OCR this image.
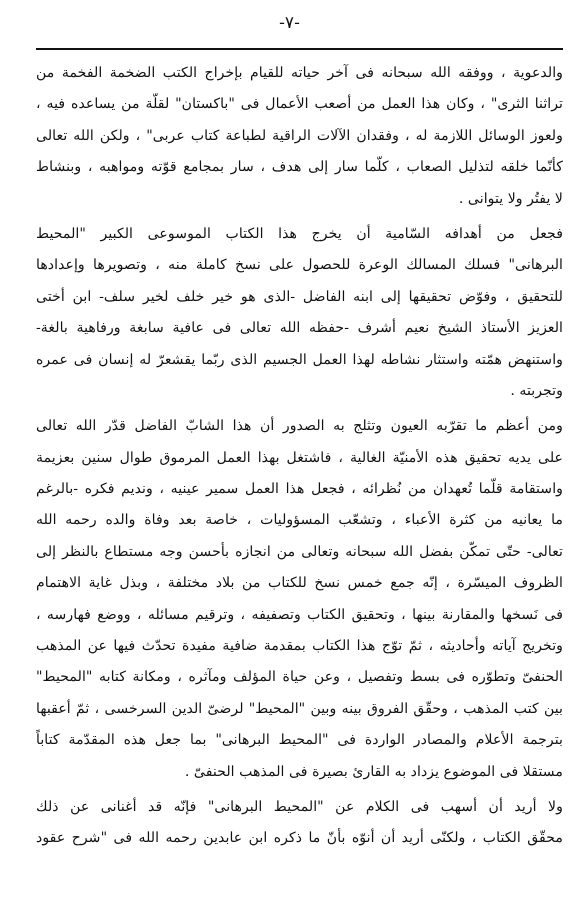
-٧-
والدعوية ، ووفقه الله سبحانه فى آخر حياته للقيام بإخراج الكتب الضخمة الفخمة من
تراثنا الثرى" ، وكان هذا العمل من أصعب الأعمال فى "باكستان" لقلّة من يساعده فيه ،
ولعوز الوسائل اللازمة له ، وفقدان الآلات الراقية لطباعة كتاب عربى" ، ولكن الله تعالى
كأنّما خلقه لتذليل الصعاب ، كلّما سار إلى هدف ، سار بمجامع قوّته ومواهبه ، وبنشاط
لا يفتُر ولا يتوانى .
فجعل من أهدافه السّامية أن يخرج هذا الكتاب الموسوعى الكبير "المحيط
البرهانى" فسلك المسالك الوعرة للحصول على نسخ كاملة منه ، وتصويرها وإعدادها
للتحقيق ، وفوّض تحقيقها إلى ابنه الفاضل -الذى هو خير خلف لخير سلف- ابن أختى
العزيز الأستاذ الشيخ نعيم أشرف -حفظه الله تعالى فى عافية سابغة ورفاهية بالغة-
واستنهض همّته واستثار نشاطه لهذا العمل الجسيم الذى ربّما يقشعرّ له إنسان فى عمره
وتجربته .
ومن أعظم ما تقرّبه العيون وتثلج به الصدور أن هذا الشابّ الفاضل قدّر الله تعالى
على يديه تحقيق هذه الأمنيّة الغالية ، فاشتغل بهذا العمل المرموق طوال سنين بعزيمة
واستقامة قلّما تُعهدان من نُظرائه ، فجعل هذا العمل سمير عينيه ، ونديم فكره -بالرغم
ما يعانيه من كثرة الأعباء ، وتشعّب المسؤوليات ، خاصة بعد وفاة والده رحمه الله
تعالى- حتّى تمكّن بفضل الله سبحانه وتعالى من انجازه بأحسن وجه مستطاع بالنظر إلى
الظروف الميسّرة ، إنّه جمع خمس نسخ للكتاب من بلاد مختلفة ، وبذل غاية الاهتمام
فى نَسخها والمقارنة بينها ، وتحقيق الكتاب وتصفيفه ، وترقيم مسائله ، ووضع فهارسه ،
وتخريج آياته وأحاديثه ، ثمّ توّج هذا الكتاب بمقدمة ضافية مفيدة تحدّث فيها عن المذهب
الحنفىّ وتطوّره فى بسط وتفصيل ، وعن حياة المؤلف ومآثره ، ومكانة كتابه "المحيط"
بين كتب المذهب ، وحقّق الفروق بينه وبين "المحيط" لرضىّ الدين السرخسى ، ثمّ أعقبها
بترجمة الأعلام والمصادر الواردة فى "المحيط البرهانى" بما جعل هذه المقدّمة كتاباً
مستقلا فى الموضوع يزداد به القارئ بصيرة فى المذهب الحنفىّ .
ولا أريد أن أسهب فى الكلام عن "المحيط البرهانى" فإنّه قد أغنانى عن ذلك
محقّق الكتاب ، ولكنّى أريد أن أنوّه بأنّ ما ذكره ابن عابدين رحمه الله فى "شرح عقود
